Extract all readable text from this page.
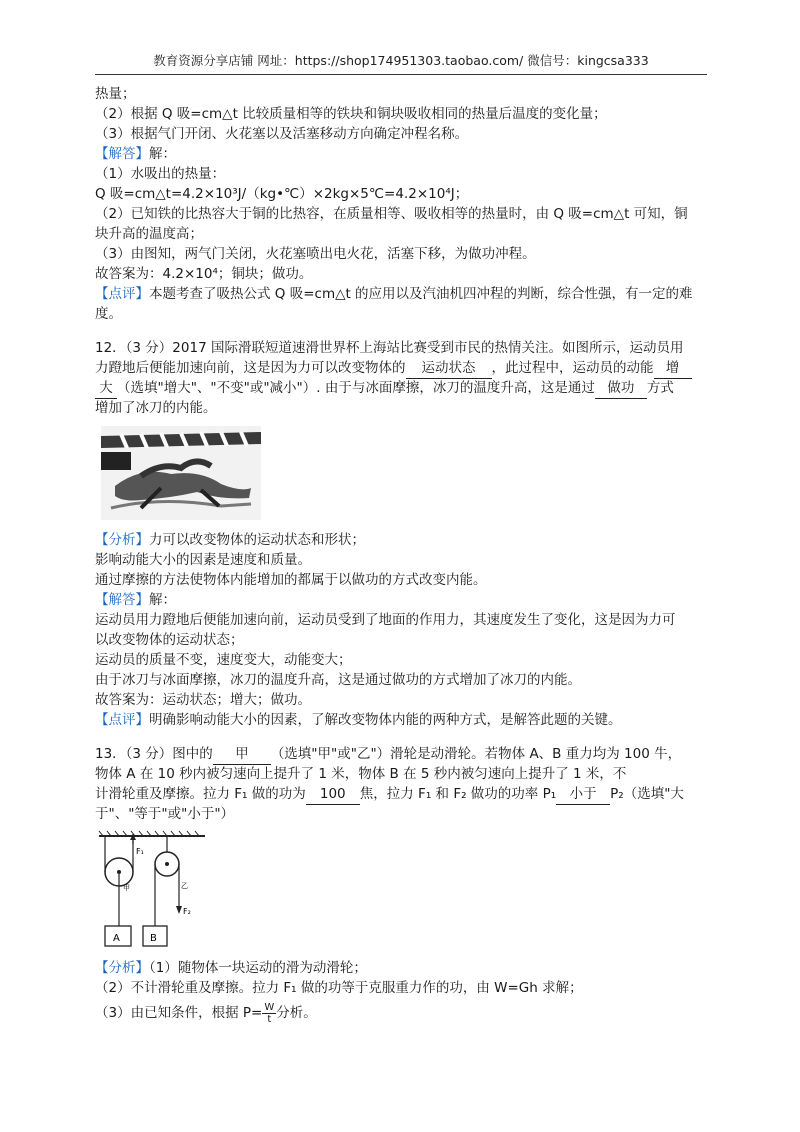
教育资源分享店铺 网址：https://shop174951303.taobao.com/ 微信号：kingcsa333
热量；
（2）根据 Q 吸=cm△t 比较质量相等的铁块和铜块吸收相同的热量后温度的变化量；
（3）根据气门开闭、火花塞以及活塞移动方向确定冲程名称。
【解答】解：
（1）水吸出的热量：
Q 吸=cm△t=4.2×10³J/（kg•℃）×2kg×5℃=4.2×10⁴J；
（2）已知铁的比热容大于铜的比热容，在质量相等、吸收相等的热量时，由 Q 吸=cm△t 可知，铜
块升高的温度高；
（3）由图知，两气门关闭，火花塞喷出电火花，活塞下移，为做功冲程。
故答案为：4.2×10⁴；铜块；做功。
【点评】本题考查了吸热公式 Q 吸=cm△t 的应用以及汽油机四冲程的判断，综合性强，有一定的难
度。
12．（3 分）2017 国际滑联短道速滑世界杯上海站比赛受到市民的热情关注。如图所示，运动员用
力蹬地后便能加速向前，这是因为力可以改变物体的 运动状态 ，此过程中，运动员的动能 增
大 （选填"增大"、"不变"或"减小"）. 由于与冰面摩擦，冰刀的温度升高，这是通过 做功 方式
增加了冰刀的内能。
【分析】力可以改变物体的运动状态和形状；
影响动能大小的因素是速度和质量。
通过摩擦的方法使物体内能增加的都属于以做功的方式改变内能。
【解答】解：
运动员用力蹬地后便能加速向前，运动员受到了地面的作用力，其速度发生了变化，这是因为力可
以改变物体的运动状态；
运动员的质量不变，速度变大，动能变大；
由于冰刀与冰面摩擦，冰刀的温度升高，这是通过做功的方式增加了冰刀的内能。
故答案为：运动状态；增大；做功。
【点评】明确影响动能大小的因素，了解改变物体内能的两种方式，是解答此题的关键。
13．（3 分）图中的 甲 （选填"甲"或"乙"）滑轮是动滑轮。若物体 A、B 重力均为 100 牛，
物体 A 在 10 秒内被匀速向上提升了 1 米，物体 B 在 5 秒内被匀速向上提升了 1 米，不
计滑轮重及摩擦。拉力 F₁ 做的功为 100 焦，拉力 F₁ 和 F₂ 做功的功率 P₁ 小于 P₂（选填"大
于"、"等于"或"小于"）
F₁
甲
A
乙
F₂
B
【分析】（1）随物体一块运动的滑为动滑轮；
（2）不计滑轮重及摩擦。拉力 F₁ 做的功等于克服重力作的功，由 W=Gh 求解；
（3）由已知条件，根据 $P= \frac{W}{t}$ 分析。
